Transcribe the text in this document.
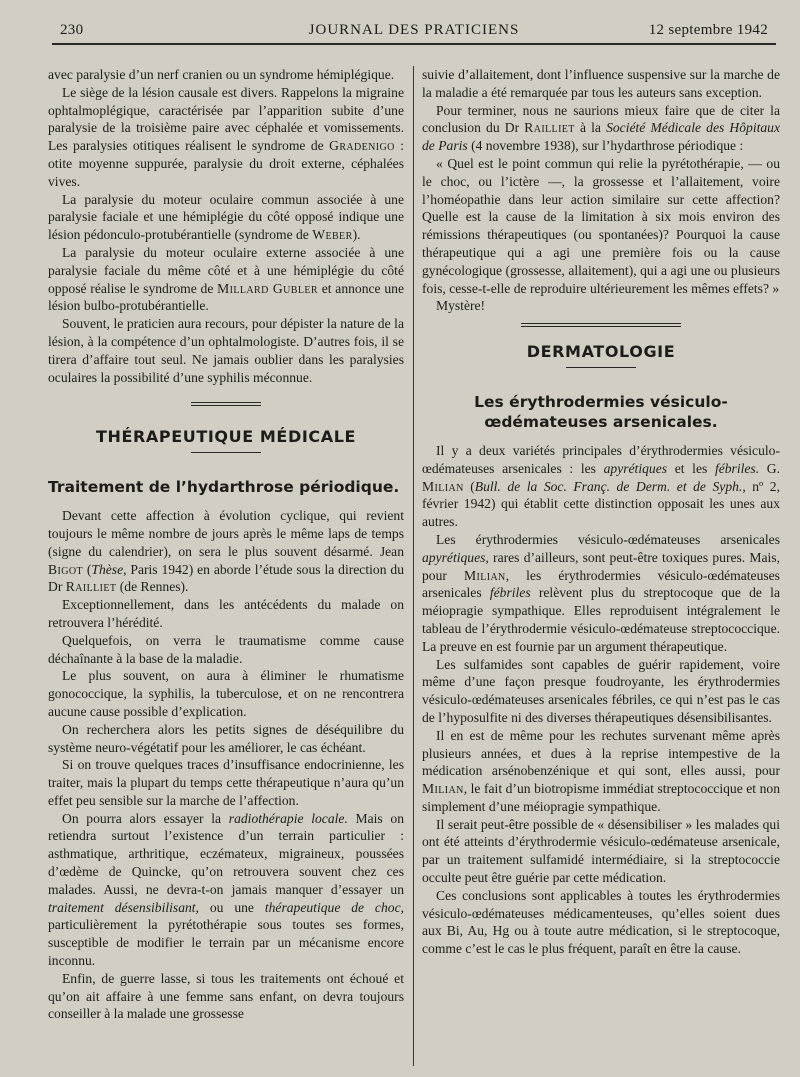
230	JOURNAL DES PRATICIENS	12 septembre 1942

avec paralysie d’un nerf cranien ou un syndrome hémiplégique.

Le siège de la lésion causale est divers. Rappelons la migraine ophtalmoplégique, caractérisée par l’apparition subite d’une paralysie de la troisième paire avec céphalée et vomissements. Les paralysies otitiques réalisent le syndrome de Gradenigo : otite moyenne suppurée, paralysie du droit externe, céphalées vives.

La paralysie du moteur oculaire commun associée à une paralysie faciale et une hémiplégie du côté opposé indique une lésion pédonculo-protubérantielle (syndrome de Weber).

La paralysie du moteur oculaire externe associée à une paralysie faciale du même côté et à une hémiplégie du côté opposé réalise le syndrome de Millard Gubler et annonce une lésion bulbo-protubérantielle.

Souvent, le praticien aura recours, pour dépister la nature de la lésion, à la compétence d’un ophtalmologiste. D’autres fois, il se tirera d’affaire tout seul. Ne jamais oublier dans les paralysies oculaires la possibilité d’une syphilis méconnue.

THÉRAPEUTIQUE MÉDICALE
Traitement de l’hydarthrose périodique.

Devant cette affection à évolution cyclique, qui revient toujours le même nombre de jours après le même laps de temps (signe du calendrier), on sera le plus souvent désarmé. Jean Bigot (Thèse, Paris 1942) en aborde l’étude sous la direction du Dr Railliet (de Rennes).

Exceptionnellement, dans les antécédents du malade on retrouvera l’hérédité.

Quelquefois, on verra le traumatisme comme cause déchaînante à la base de la maladie.

Le plus souvent, on aura à éliminer le rhumatisme gonococcique, la syphilis, la tuberculose, et on ne rencontrera aucune cause possible d’explication.

On recherchera alors les petits signes de déséquilibre du système neuro-végétatif pour les améliorer, le cas échéant.

Si on trouve quelques traces d’insuffisance endocrinienne, les traiter, mais la plupart du temps cette thérapeutique n’aura qu’un effet peu sensible sur la marche de l’affection.

On pourra alors essayer la radiothérapie locale. Mais on retiendra surtout l’existence d’un terrain particulier : asthmatique, arthritique, eczémateux, migraineux, poussées d’œdème de Quincke, qu’on retrouvera souvent chez ces malades. Aussi, ne devra-t-on jamais manquer d’essayer un traitement désensibilisant, ou une thérapeutique de choc, particulièrement la pyrétothérapie sous toutes ses formes, susceptible de modifier le terrain par un mécanisme encore inconnu.

Enfin, de guerre lasse, si tous les traitements ont échoué et qu’on ait affaire à une femme sans enfant, on devra toujours conseiller à la malade une grossesse

suivie d’allaitement, dont l’influence suspensive sur la marche de la maladie a été remarquée par tous les auteurs sans exception.

Pour terminer, nous ne saurions mieux faire que de citer la conclusion du Dr Railliet à la Société Médicale des Hôpitaux de Paris (4 novembre 1938), sur l’hydarthrose périodique :

« Quel est le point commun qui relie la pyrétothérapie, — ou le choc, ou l’ictère —, la grossesse et l’allaitement, voire l’homéopathie dans leur action similaire sur cette affection? Quelle est la cause de la limitation à six mois environ des rémissions thérapeutiques (ou spontanées)? Pourquoi la cause thérapeutique qui a agi une première fois ou la cause gynécologique (grossesse, allaitement), qui a agi une ou plusieurs fois, cesse-t-elle de reproduire ultérieurement les mêmes effets? »

Mystère!

DERMATOLOGIE
Les érythrodermies vésiculo-œdémateuses arsenicales.

Il y a deux variétés principales d’érythrodermies vésiculo-œdémateuses arsenicales : les apyrétiques et les fébriles. G. Milian (Bull. de la Soc. Franç. de Derm. et de Syph., nº 2, février 1942) qui établit cette distinction opposait les unes aux autres.

Les érythrodermies vésiculo-œdémateuses arsenicales apyrétiques, rares d’ailleurs, sont peut-être toxiques pures. Mais, pour Milian, les érythrodermies vésiculo-œdémateuses arsenicales fébriles relèvent plus du streptocoque que de la méiopragie sympathique. Elles reproduisent intégralement le tableau de l’érythrodermie vésiculo-œdémateuse streptococcique. La preuve en est fournie par un argument thérapeutique.

Les sulfamides sont capables de guérir rapidement, voire même d’une façon presque foudroyante, les érythrodermies vésiculo-œdémateuses arsenicales fébriles, ce qui n’est pas le cas de l’hyposulfite ni des diverses thérapeutiques désensibilisantes.

Il en est de même pour les rechutes survenant même après plusieurs années, et dues à la reprise intempestive de la médication arsénobenzénique et qui sont, elles aussi, pour Milian, le fait d’un biotropisme immédiat streptococcique et non simplement d’une méiopragie sympathique.

Il serait peut-être possible de « désensibiliser » les malades qui ont été atteints d’érythrodermie vésiculo-œdémateuse arsenicale, par un traitement sulfamidé intermédiaire, si la streptococcie occulte peut être guérie par cette médication.

Ces conclusions sont applicables à toutes les érythrodermies vésiculo-œdémateuses médicamenteuses, qu’elles soient dues aux Bi, Au, Hg ou à toute autre médication, si le streptocoque, comme c’est le cas le plus fréquent, paraît en être la cause.
